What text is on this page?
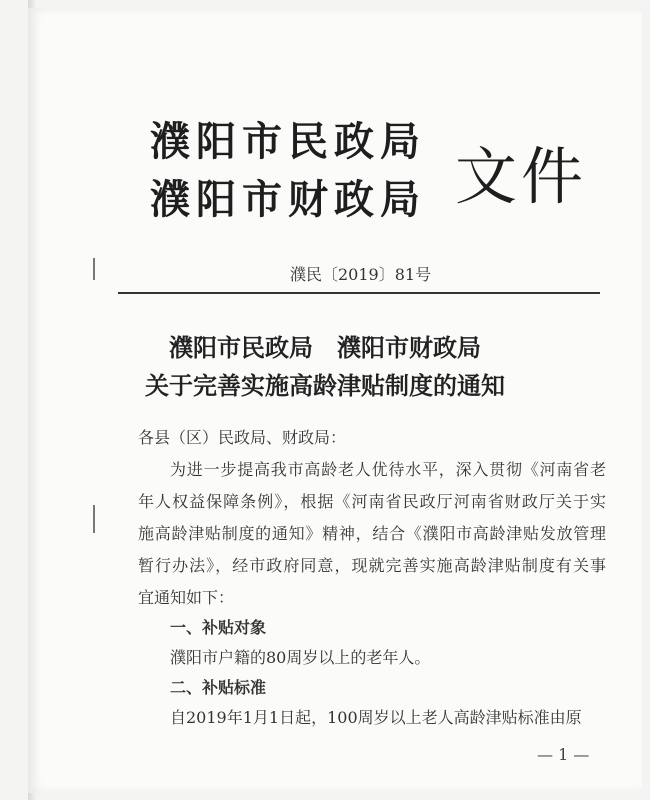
濮阳市民政局
濮阳市财政局 文件
濮民〔2019〕81号
濮阳市民政局　濮阳市财政局
关于完善实施高龄津贴制度的通知
各县（区）民政局、财政局：
为进一步提高我市高龄老人优待水平，深入贯彻《河南省老
年人权益保障条例》，根据《河南省民政厅河南省财政厅关于实
施高龄津贴制度的通知》精神，结合《濮阳市高龄津贴发放管理
暂行办法》，经市政府同意，现就完善实施高龄津贴制度有关事
宜通知如下：
一、补贴对象
濮阳市户籍的80周岁以上的老年人。
二、补贴标准
自2019年1月1日起，100周岁以上老人高龄津贴标准由原
— 1 —
